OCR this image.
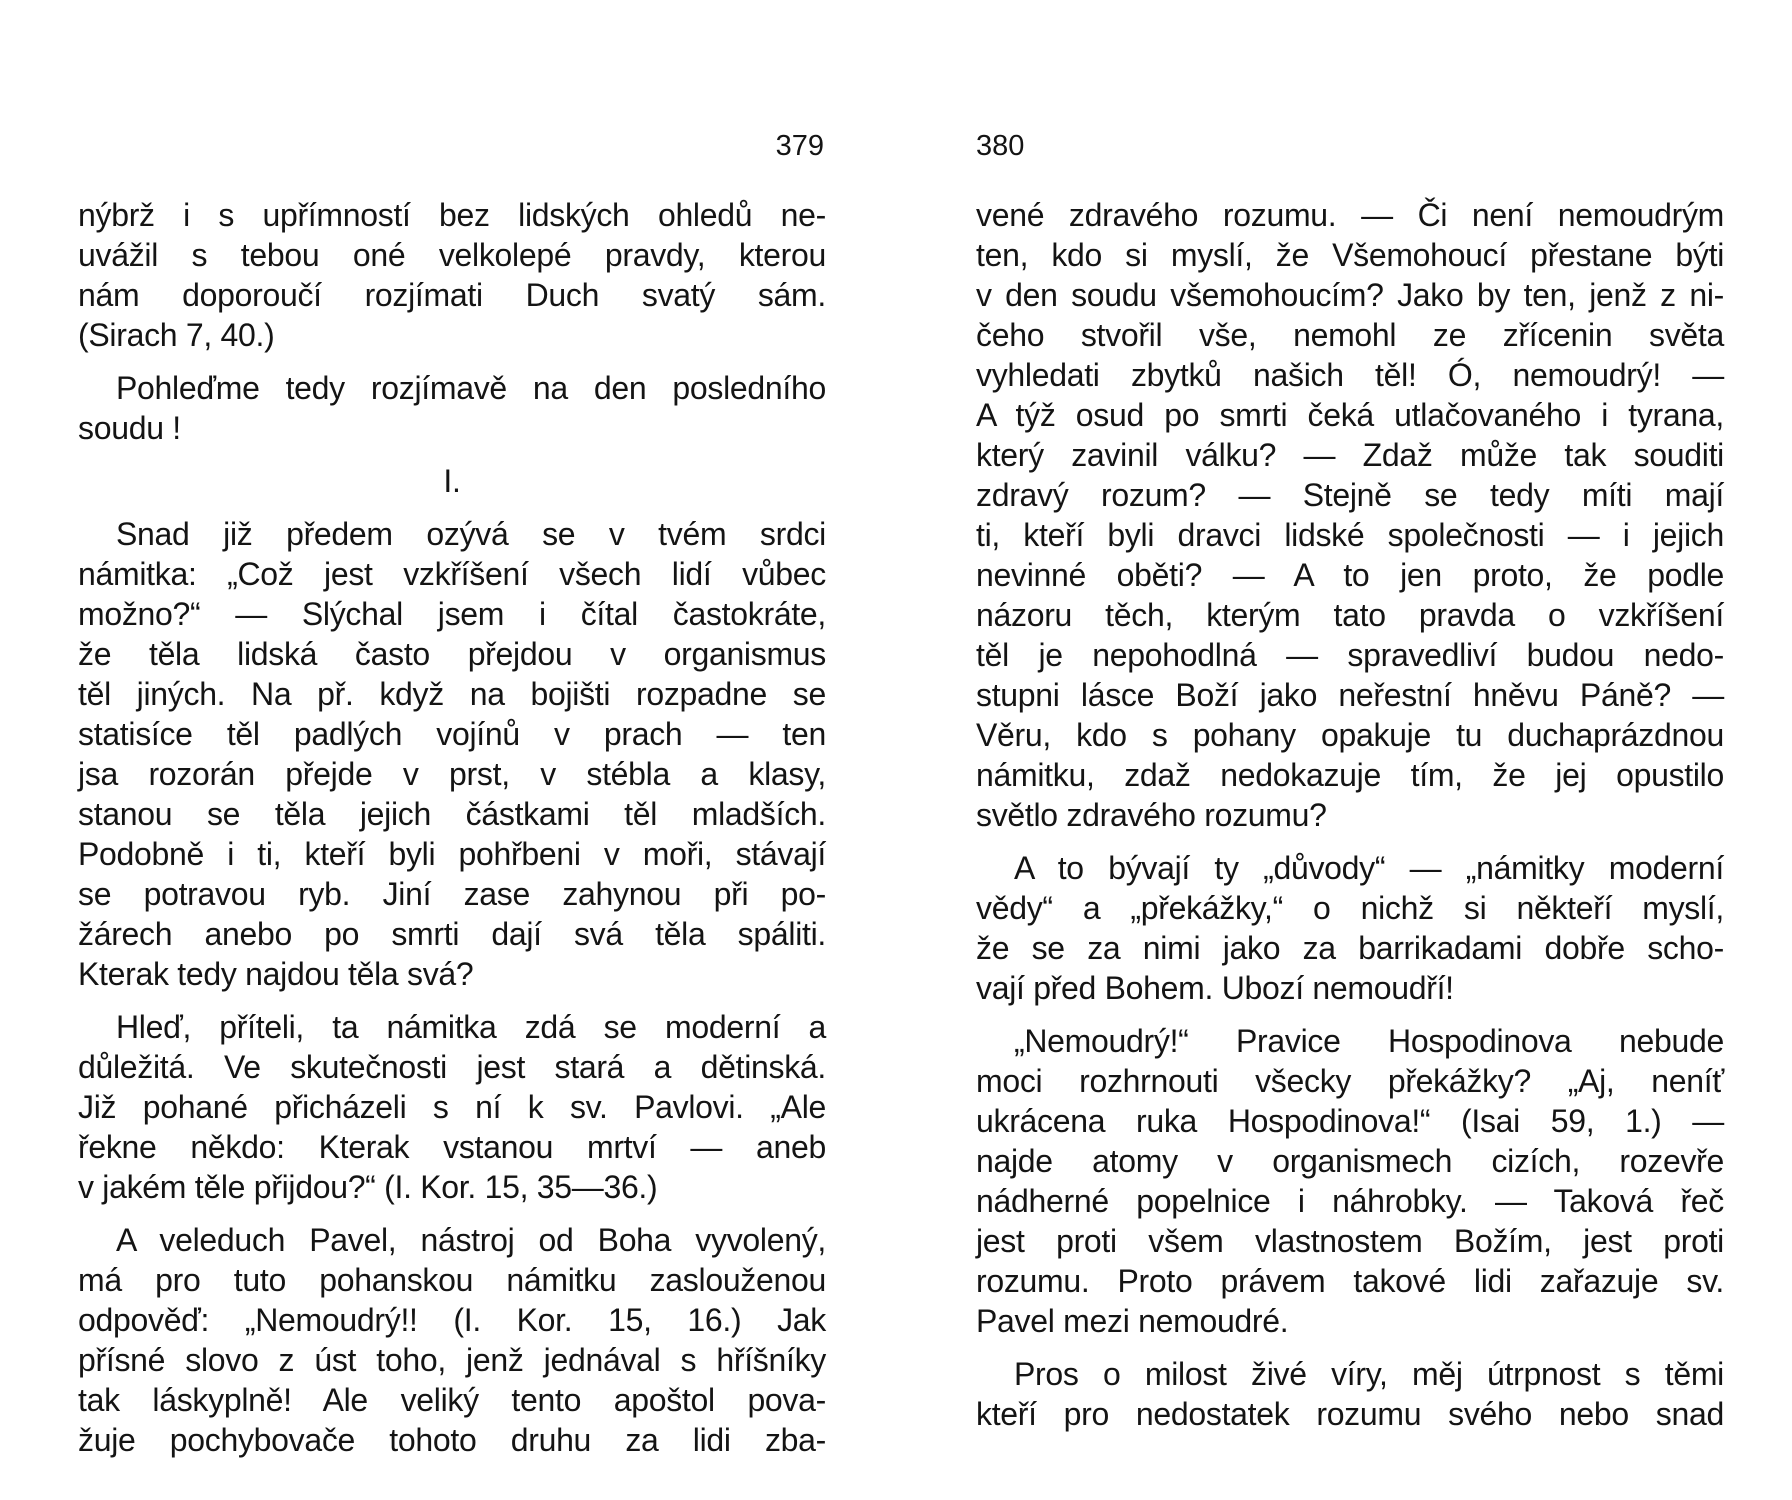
379

nýbrž i s upřímností bez lidských ohledů ne-
uvážil s tebou oné velkolepé pravdy, kterou
nám doporoučí rozjímati Duch svatý sám.
(Sirach 7, 40.)

Pohleďme tedy rozjímavě na den posledního
soudu !

I.

Snad již předem ozývá se v tvém srdci
námitka: „Což jest vzkříšení všech lidí vůbec
možno?“ — Slýchal jsem i čítal častokráte,
že těla lidská často přejdou v organismus
těl jiných. Na př. když na bojišti rozpadne se
statisíce těl padlých vojínů v prach — ten
jsa rozorán přejde v prst, v stébla a klasy,
stanou se těla jejich částkami těl mladších.
Podobně i ti, kteří byli pohřbeni v moři, stávají
se potravou ryb. Jiní zase zahynou při po-
žárech anebo po smrti dají svá těla spáliti.
Kterak tedy najdou těla svá?

Hleď, příteli, ta námitka zdá se moderní a
důležitá. Ve skutečnosti jest stará a dětinská.
Již pohané přicházeli s ní k sv. Pavlovi. „Ale
řekne někdo: Kterak vstanou mrtví — aneb
v jakém těle přijdou?“ (I. Kor. 15, 35—36.)

A veleduch Pavel, nástroj od Boha vyvolený,
má pro tuto pohanskou námitku zaslouženou
odpověď: „Nemoudrý!! (I. Kor. 15, 16.) Jak
přísné slovo z úst toho, jenž jednával s hříšníky
tak láskyplně! Ale veliký tento apoštol pova-
žuje pochybovače tohoto druhu za lidi zba-

380

vené zdravého rozumu. — Či není nemoudrým
ten, kdo si myslí, že Všemohoucí přestane býti
v den soudu všemohoucím? Jako by ten, jenž z ni-
čeho stvořil vše, nemohl ze zřícenin světa
vyhledati zbytků našich těl! Ó, nemoudrý! —
A týž osud po smrti čeká utlačovaného i tyrana,
který zavinil válku? — Zdaž může tak souditi
zdravý rozum? — Stejně se tedy míti mají
ti, kteří byli dravci lidské společnosti — i jejich
nevinné oběti? — A to jen proto, že podle
názoru těch, kterým tato pravda o vzkříšení
těl je nepohodlná — spravedliví budou nedo-
stupni lásce Boží jako neřestní hněvu Páně? —
Věru, kdo s pohany opakuje tu duchaprázdnou
námitku, zdaž nedokazuje tím, že jej opustilo
světlo zdravého rozumu?

A to bývají ty „důvody“ — „námitky moderní
vědy“ a „překážky,“ o nichž si někteří myslí,
že se za nimi jako za barrikadami dobře scho-
vají před Bohem. Ubozí nemoudří!

„Nemoudrý!“ Pravice Hospodinova nebude
moci rozhrnouti všecky překážky? „Aj, neníť
ukrácena ruka Hospodinova!“ (Isai 59, 1.) —
najde atomy v organismech cizích, rozevře
nádherné popelnice i náhrobky. — Taková řeč
jest proti všem vlastnostem Božím, jest proti
rozumu. Proto právem takové lidi zařazuje sv.
Pavel mezi nemoudré.

Pros o milost živé víry, měj útrpnost s těmi
kteří pro nedostatek rozumu svého nebo snad
